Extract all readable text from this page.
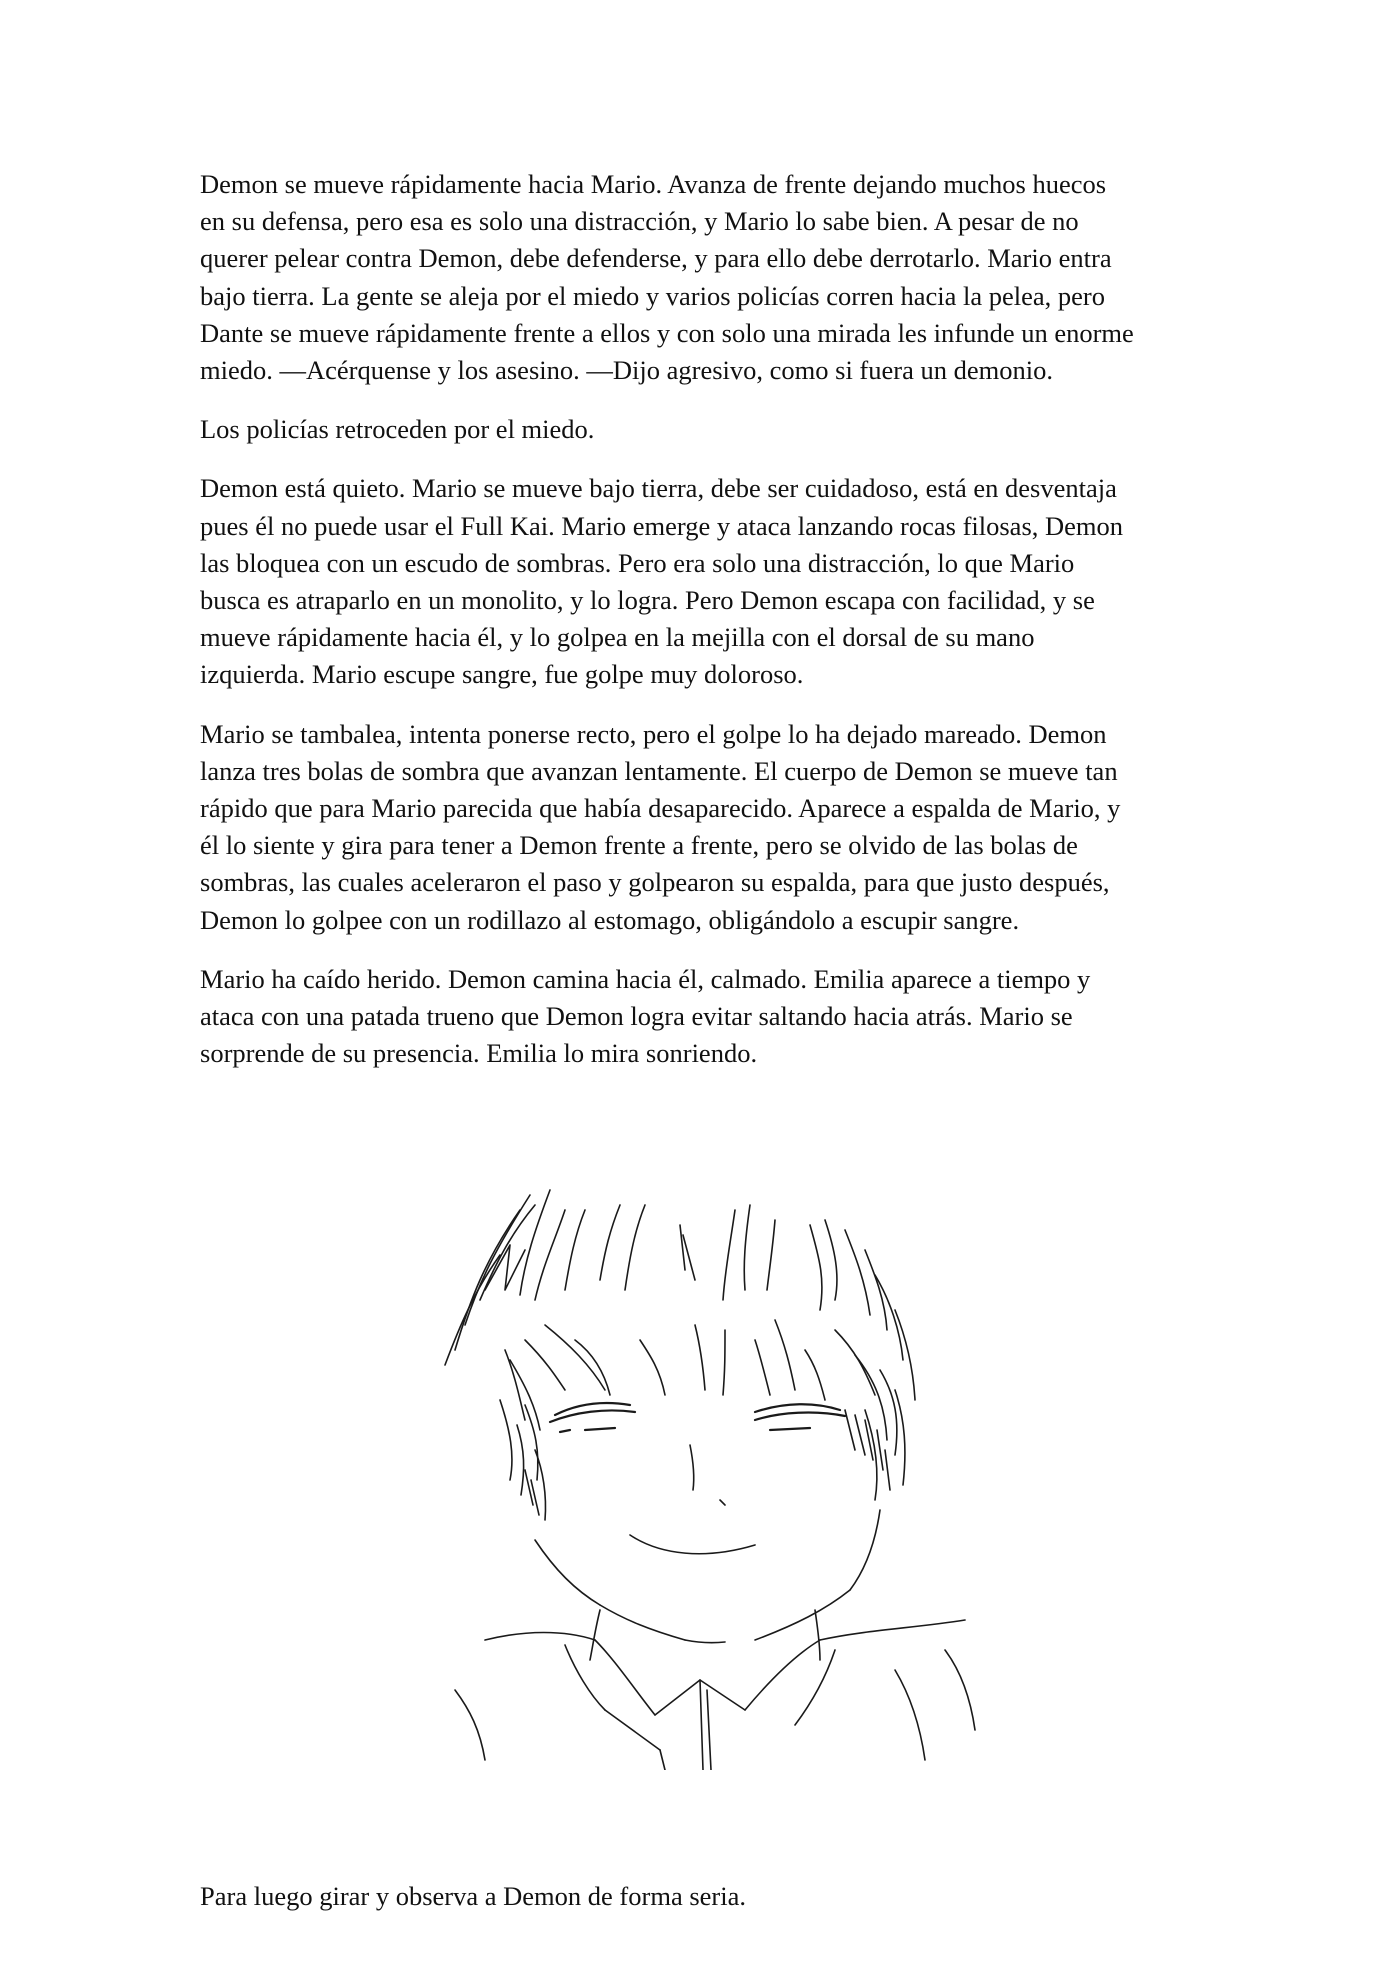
Demon se mueve rápidamente hacia Mario. Avanza de frente dejando muchos huecos
en su defensa, pero esa es solo una distracción, y Mario lo sabe bien. A pesar de no
querer pelear contra Demon, debe defenderse, y para ello debe derrotarlo. Mario entra
bajo tierra. La gente se aleja por el miedo y varios policías corren hacia la pelea, pero
Dante se mueve rápidamente frente a ellos y con solo una mirada les infunde un enorme
miedo. —Acérquense y los asesino. —Dijo agresivo, como si fuera un demonio.

Los policías retroceden por el miedo.

Demon está quieto. Mario se mueve bajo tierra, debe ser cuidadoso, está en desventaja
pues él no puede usar el Full Kai. Mario emerge y ataca lanzando rocas filosas, Demon
las bloquea con un escudo de sombras. Pero era solo una distracción, lo que Mario
busca es atraparlo en un monolito, y lo logra. Pero Demon escapa con facilidad, y se
mueve rápidamente hacia él, y lo golpea en la mejilla con el dorsal de su mano
izquierda. Mario escupe sangre, fue golpe muy doloroso.

Mario se tambalea, intenta ponerse recto, pero el golpe lo ha dejado mareado. Demon
lanza tres bolas de sombra que avanzan lentamente. El cuerpo de Demon se mueve tan
rápido que para Mario parecida que había desaparecido. Aparece a espalda de Mario, y
él lo siente y gira para tener a Demon frente a frente, pero se olvido de las bolas de
sombras, las cuales aceleraron el paso y golpearon su espalda, para que justo después,
Demon lo golpee con un rodillazo al estomago, obligándolo a escupir sangre.

Mario ha caído herido. Demon camina hacia él, calmado. Emilia aparece a tiempo y
ataca con una patada trueno que Demon logra evitar saltando hacia atrás. Mario se
sorprende de su presencia. Emilia lo mira sonriendo.

Para luego girar y observa a Demon de forma seria.
